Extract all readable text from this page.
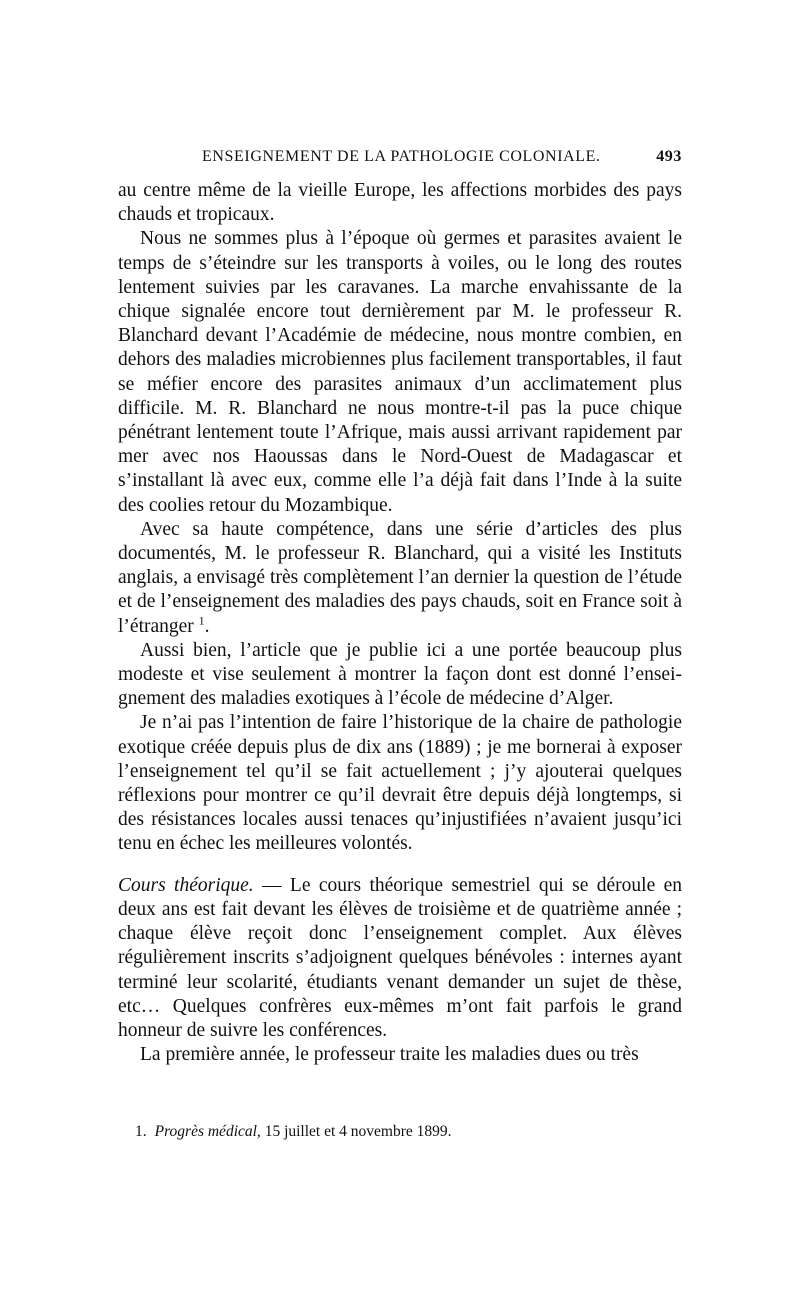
ENSEIGNEMENT DE LA PATHOLOGIE COLONIALE.	493

au centre même de la vieille Europe, les affections morbides des pays chauds et tropicaux.

Nous ne sommes plus à l’époque où germes et parasites avaient le temps de s’éteindre sur les transports à voiles, ou le long des routes lentement suivies par les caravanes. La marche envahissante de la chique signalée encore tout dernièrement par M. le professeur R. Blanchard devant l’Académie de médecine, nous montre combien, en dehors des maladies microbiennes plus facilement transportables, il faut se méfier encore des parasites animaux d’un acclimatement plus difficile. M. R. Blanchard ne nous montre-t-il pas la puce chique pénétrant lentement toute l’Afrique, mais aussi arrivant rapidement par mer avec nos Haoussas dans le Nord-Ouest de Madagascar et s’installant là avec eux, comme elle l’a déjà fait dans l’Inde à la suite des coolies retour du Mozambique.

Avec sa haute compétence, dans une série d’articles des plus documentés, M. le professeur R. Blanchard, qui a visité les Instituts anglais, a envisagé très complètement l’an dernier la question de l’étude et de l’enseignement des maladies des pays chauds, soit en France soit à l’étranger $^1$.

Aussi bien, l’article que je publie ici a une portée beaucoup plus modeste et vise seulement à montrer la façon dont est donné l’enseignement des maladies exotiques à l’école de médecine d’Alger.

Je n’ai pas l’intention de faire l’historique de la chaire de pathologie exotique créée depuis plus de dix ans (1889) ; je me bornerai à exposer l’enseignement tel qu’il se fait actuellement ; j’y ajouterai quelques réflexions pour montrer ce qu’il devrait être depuis déjà longtemps, si des résistances locales aussi tenaces qu’injustifiées n’avaient jusqu’ici tenu en échec les meilleures volontés.

Cours théorique. — Le cours théorique semestriel qui se déroule en deux ans est fait devant les élèves de troisième et de quatrième année ; chaque élève reçoit donc l’enseignement complet. Aux élèves régulièrement inscrits s’adjoignent quelques bénévoles : internes ayant terminé leur scolarité, étudiants venant demander un sujet de thèse, etc… Quelques confrères eux-mêmes m’ont fait parfois le grand honneur de suivre les conférences.

La première année, le professeur traite les maladies dues ou très

1. Progrès médical, 15 juillet et 4 novembre 1899.
